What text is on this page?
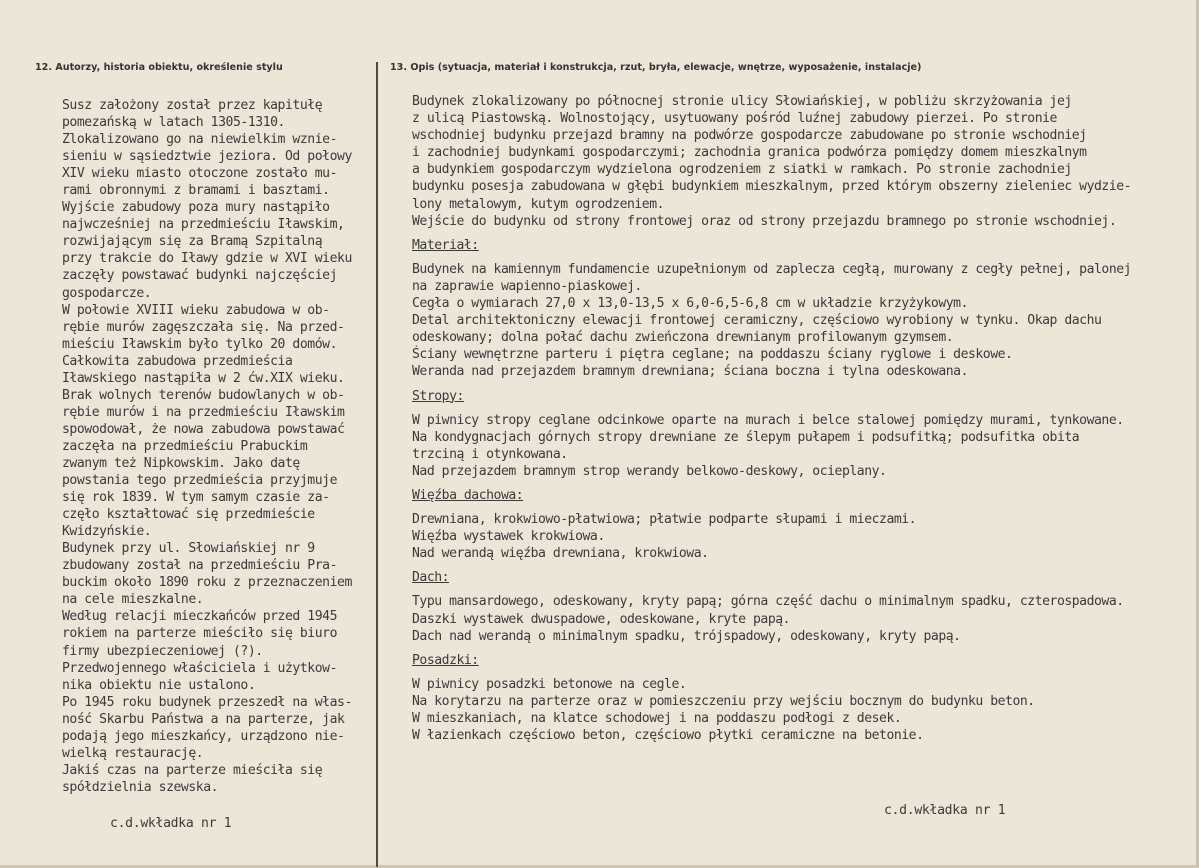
12. Autorzy, historia obiektu, określenie stylu	13. Opis (sytuacja, materiał i konstrukcja, rzut, bryła, elewacje, wnętrze, wyposażenie, instalacje)
Susz założony został przez kapitułę
pomezańską w latach 1305-1310.
Zlokalizowano go na niewielkim wznie-
sieniu w sąsiedztwie jeziora. Od połowy
XIV wieku miasto otoczone zostało mu-
rami obronnymi z bramami i basztami.
Wyjście zabudowy poza mury nastąpiło
najwcześniej na przedmieściu Iławskim,
rozwijającym się za Bramą Szpitalną
przy trakcie do Iławy gdzie w XVI wieku
zaczęły powstawać budynki najczęściej
gospodarcze.
W połowie XVIII wieku zabudowa w ob-
rębie murów zagęszczała się. Na przed-
mieściu Iławskim było tylko 20 domów.
Całkowita zabudowa przedmieścia
Iławskiego nastąpiła w 2 ćw.XIX wieku.
Brak wolnych terenów budowlanych w ob-
rębie murów i na przedmieściu Iławskim
spowodował, że nowa zabudowa powstawać
zaczęła na przedmieściu Prabuckim
zwanym też Nipkowskim. Jako datę
powstania tego przedmieścia przyjmuje
się rok 1839. W tym samym czasie za-
częło kształtować się przedmieście
Kwidzyńskie.
Budynek przy ul. Słowiańskiej nr 9
zbudowany został na przedmieściu Pra-
buckim około 1890 roku z przeznaczeniem
na cele mieszkalne.
Według relacji mieczkańców przed 1945
rokiem na parterze mieściło się biuro
firmy ubezpieczeniowej (?).
Przedwojennego właściciela i użytkow-
nika obiektu nie ustalono.
Po 1945 roku budynek przeszedł na włas-
ność Skarbu Państwa a na parterze, jak
podają jego mieszkańcy, urządzono nie-
wielką restaurację.
Jakiś czas na parterze mieściła się
spółdzielnia szewska.
Budynek zlokalizowany po północnej stronie ulicy Słowiańskiej, w pobliżu skrzyżowania jej
z ulicą Piastowską. Wolnostojący, usytuowany pośród luźnej zabudowy pierzei. Po stronie
wschodniej budynku przejazd bramny na podwórze gospodarcze zabudowane po stronie wschodniej
i zachodniej budynkami gospodarczymi; zachodnia granica podwórza pomiędzy domem mieszkalnym
a budynkiem gospodarczym wydzielona ogrodzeniem z siatki w ramkach. Po stronie zachodniej
budynku posesja zabudowana w głębi budynkiem mieszkalnym, przed którym obszerny zieleniec wydzie-
lony metalowym, kutym ogrodzeniem.
Wejście do budynku od strony frontowej oraz od strony przejazdu bramnego po stronie wschodniej.
Materiał:
Budynek na kamiennym fundamencie uzupełnionym od zaplecza cegłą, murowany z cegły pełnej, palonej
na zaprawie wapienno-piaskowej.
Cegła o wymiarach 27,0 x 13,0-13,5 x 6,0-6,5-6,8 cm w układzie krzyżykowym.
Detal architektoniczny elewacji frontowej ceramiczny, częściowo wyrobiony w tynku. Okap dachu
odeskowany; dolna połać dachu zwieńczona drewnianym profilowanym gzymsem.
Ściany wewnętrzne parteru i piętra ceglane; na poddaszu ściany ryglowe i deskowe.
Weranda nad przejazdem bramnym drewniana; ściana boczna i tylna odeskowana.
Stropy:
W piwnicy stropy ceglane odcinkowe oparte na murach i belce stalowej pomiędzy murami, tynkowane.
Na kondygnacjach górnych stropy drewniane ze ślepym pułapem i podsufitką; podsufitka obita
trzciną i otynkowana.
Nad przejazdem bramnym strop werandy belkowo-deskowy, ocieplany.
Więźba dachowa:
Drewniana, krokwiowo-płatwiowa; płatwie podparte słupami i mieczami.
Więźba wystawek krokwiowa.
Nad werandą więźba drewniana, krokwiowa.
Dach:
Typu mansardowego, odeskowany, kryty papą; górna część dachu o minimalnym spadku, czterospadowa.
Daszki wystawek dwuspadowe, odeskowane, kryte papą.
Dach nad werandą o minimalnym spadku, trójspadowy, odeskowany, kryty papą.
Posadzki:
W piwnicy posadzki betonowe na cegle.
Na korytarzu na parterze oraz w pomieszczeniu przy wejściu bocznym do budynku beton.
W mieszkaniach, na klatce schodowej i na poddaszu podłogi z desek.
W łazienkach częściowo beton, częściowo płytki ceramiczne na betonie.
c.d.wkładka nr 1
c.d.wkładka nr 1
